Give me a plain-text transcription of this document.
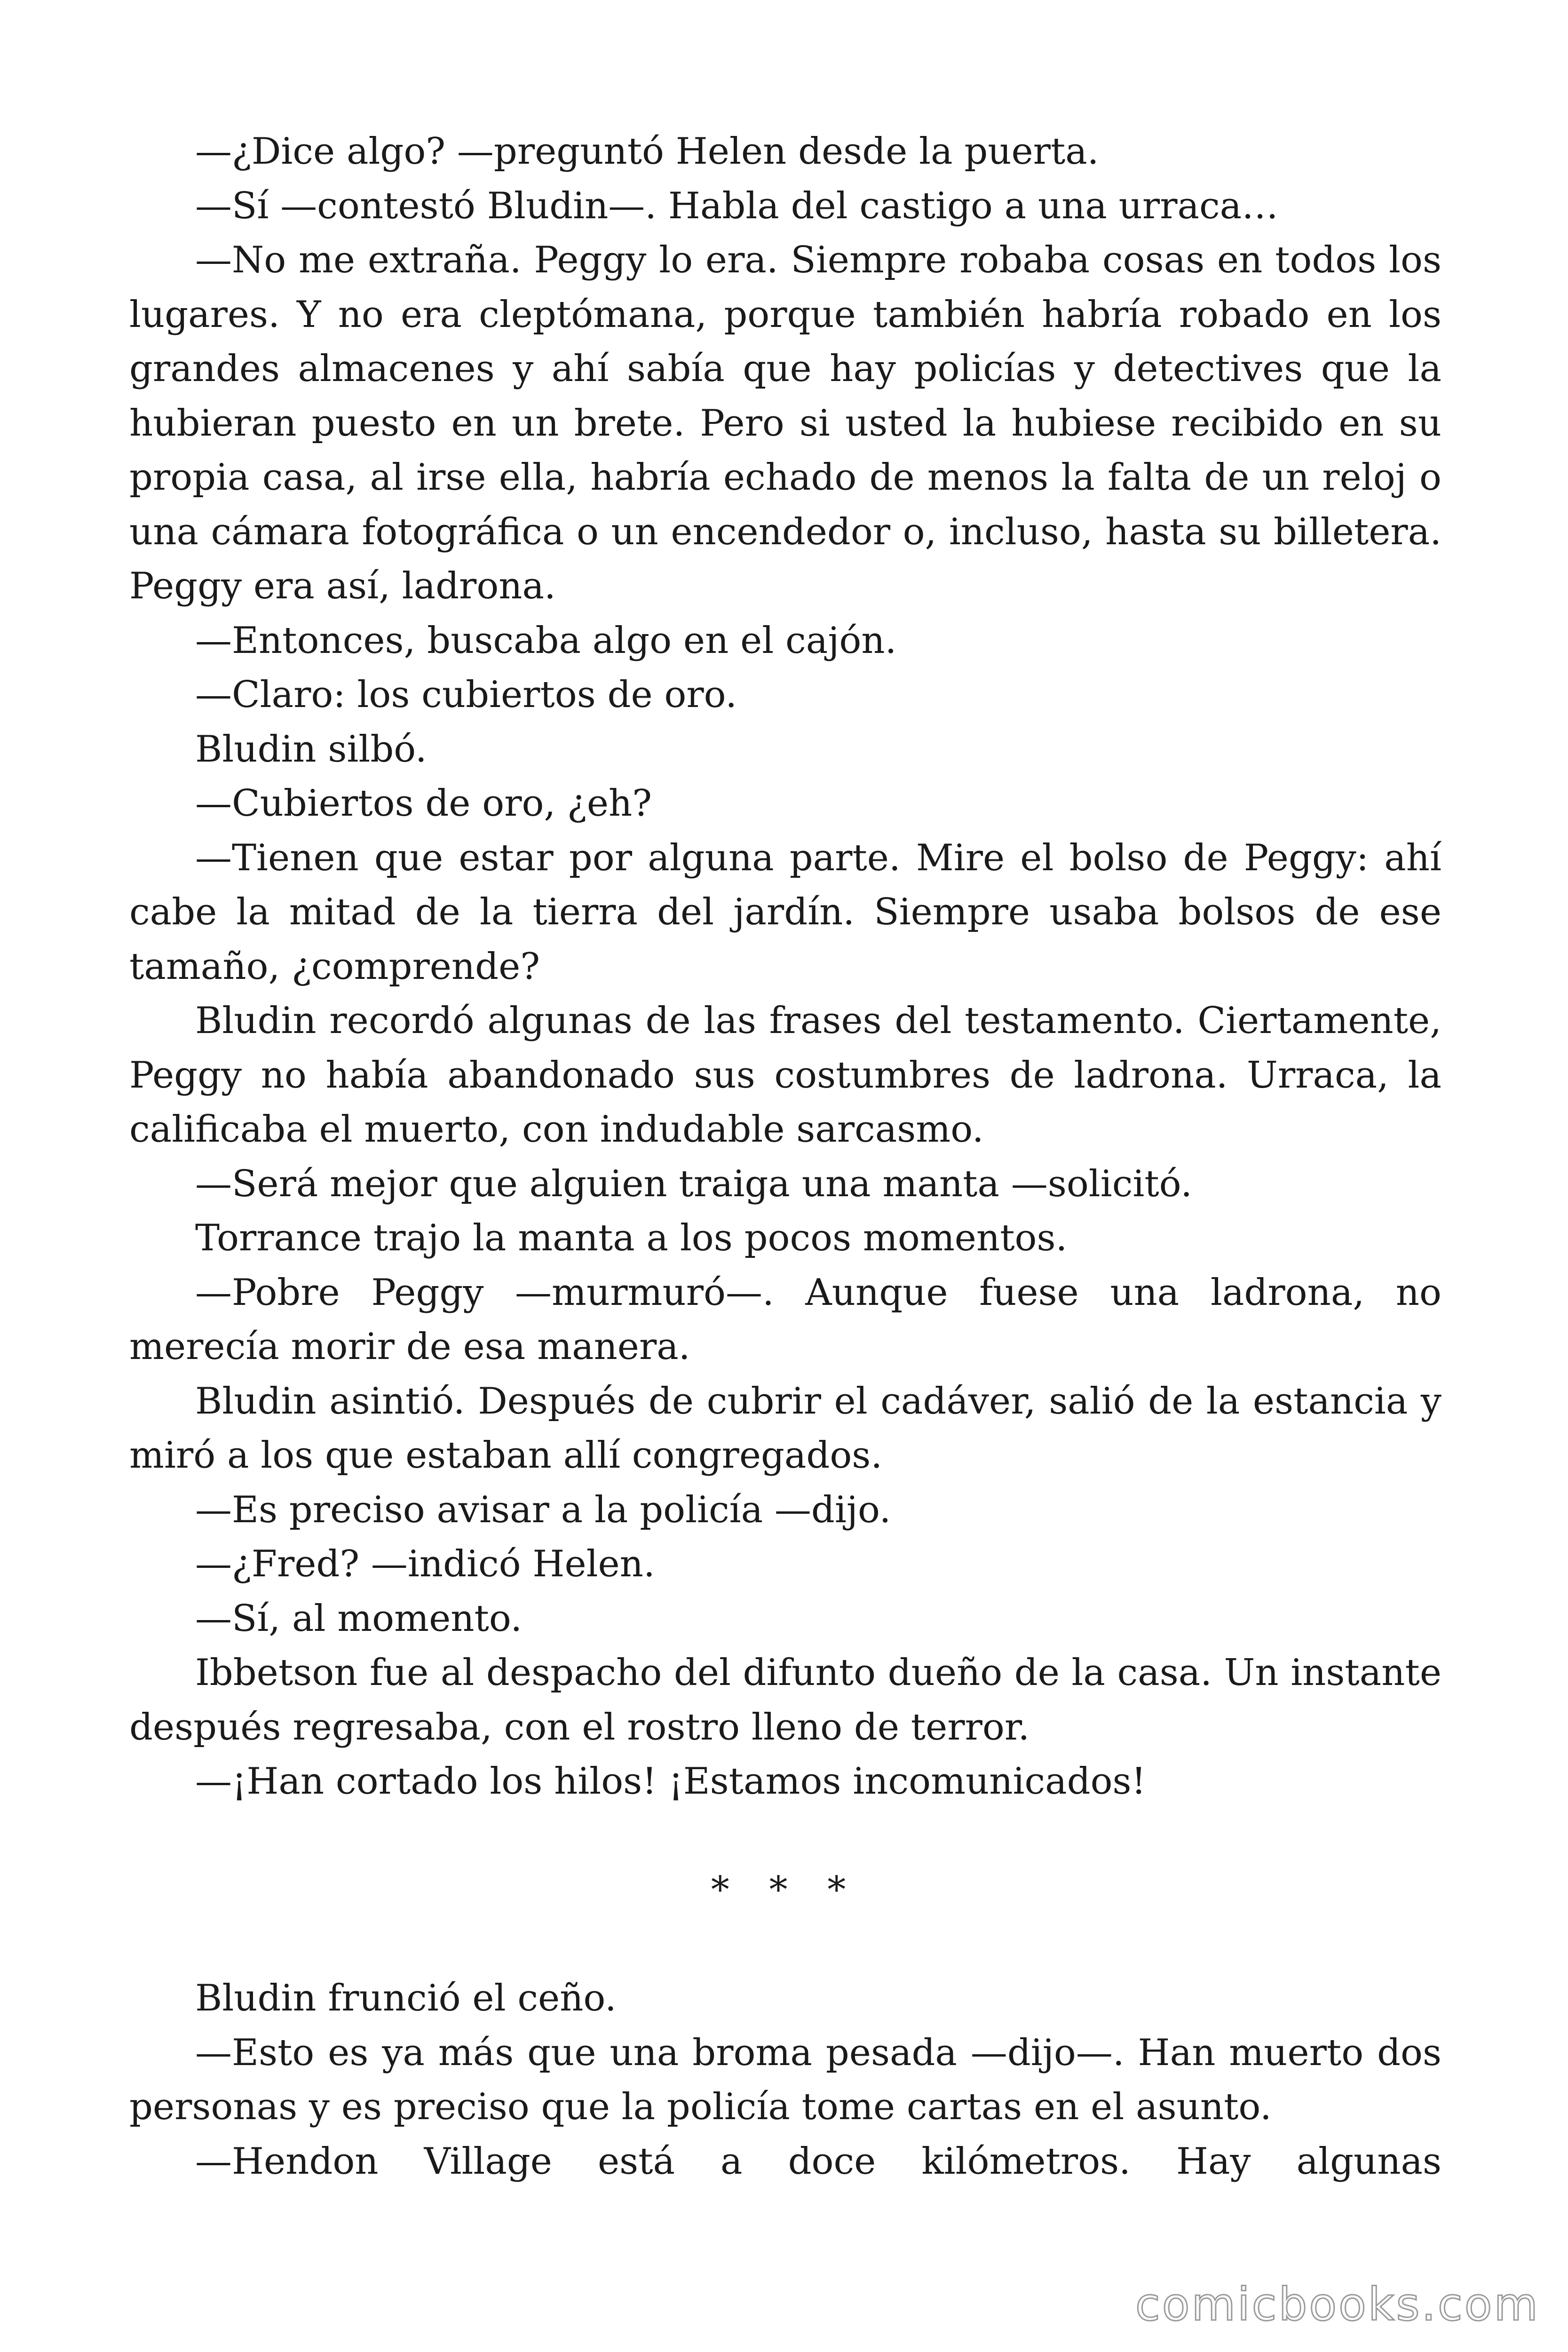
—¿Dice algo? —preguntó Helen desde la puerta.

—Sí —contestó Bludin—. Habla del castigo a una urraca…

—No me extraña. Peggy lo era. Siempre robaba cosas en todos los lugares. Y no era cleptómana, porque también habría robado en los grandes almacenes y ahí sabía que hay policías y detectives que la hubieran puesto en un brete. Pero si usted la hubiese recibido en su propia casa, al irse ella, habría echado de menos la falta de un reloj o una cámara fotográfica o un encendedor o, incluso, hasta su billetera. Peggy era así, ladrona.

—Entonces, buscaba algo en el cajón.

—Claro: los cubiertos de oro.

Bludin silbó.

—Cubiertos de oro, ¿eh?

—Tienen que estar por alguna parte. Mire el bolso de Peggy: ahí cabe la mitad de la tierra del jardín. Siempre usaba bolsos de ese tamaño, ¿comprende?

Bludin recordó algunas de las frases del testamento. Ciertamente, Peggy no había abandonado sus costumbres de ladrona. Urraca, la calificaba el muerto, con indudable sarcasmo.

—Será mejor que alguien traiga una manta —solicitó.

Torrance trajo la manta a los pocos momentos.

—Pobre Peggy —murmuró—. Aunque fuese una ladrona, no merecía morir de esa manera.

Bludin asintió. Después de cubrir el cadáver, salió de la estancia y miró a los que estaban allí congregados.

—Es preciso avisar a la policía —dijo.

—¿Fred? —indicó Helen.

—Sí, al momento.

Ibbetson fue al despacho del difunto dueño de la casa. Un instante después regresaba, con el rostro lleno de terror.

—¡Han cortado los hilos! ¡Estamos incomunicados!

* * *

Bludin frunció el ceño.

—Esto es ya más que una broma pesada —dijo—. Han muerto dos personas y es preciso que la policía tome cartas en el asunto.

—Hendon Village está a doce kilómetros. Hay algunas

comicbooks.com
